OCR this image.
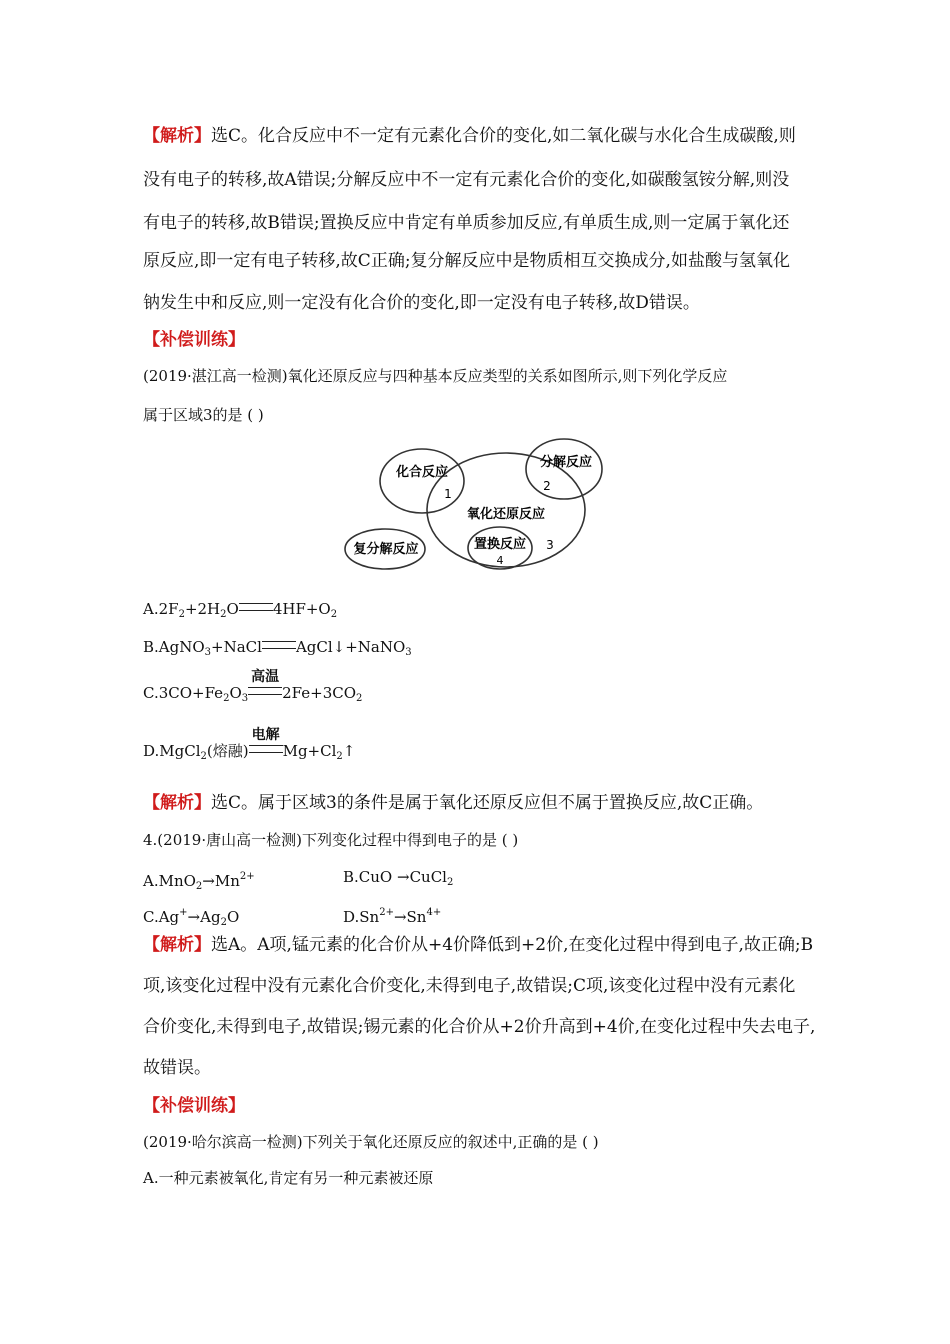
【解析】选C。化合反应中不一定有元素化合价的变化,如二氧化碳与水化合生成碳酸,则
没有电子的转移,故A错误;分解反应中不一定有元素化合价的变化,如碳酸氢铵分解,则没
有电子的转移,故B错误;置换反应中肯定有单质参加反应,有单质生成,则一定属于氧化还
原反应,即一定有电子转移,故C正确;复分解反应中是物质相互交换成分,如盐酸与氢氧化
钠发生中和反应,则一定没有化合价的变化,即一定没有电子转移,故D错误。
【补偿训练】
(2019·湛江高一检测)氧化还原反应与四种基本反应类型的关系如图所示,则下列化学反应
属于区域3的是 ( )
化合反应
1
分解反应
2
氧化还原反应
3
复分解反应	置换反应
4
$A.2F_2+2H_2O$ $4HF+O_2$
B.AgNO$_3$+NaCl AgCl↓+NaNO$_3$
$C.3CO+Fe_2O_3$
高温
$2Fe+3CO_2$
D.MgCl$_2$(熔融)
电解
$Mg+Cl_2↑$
【解析】选C。属于区域3的条件是属于氧化还原反应但不属于置换反应,故C正确。
4.(2019·唐山高一检测)下列变化过程中得到电子的是 ( )
$A.MnO_2\to Mn^{2+}$	B.CuO →CuCl$_2$
$C.Ag^+\to Ag_2O$	$D.Sn^{2+}\to Sn^{4+}$
【解析】选A。A项,锰元素的化合价从+4价降低到+2价,在变化过程中得到电子,故正确;B
项,该变化过程中没有元素化合价变化,未得到电子,故错误;C项,该变化过程中没有元素化
合价变化,未得到电子,故错误;锡元素的化合价从+2价升高到+4价,在变化过程中失去电子,
故错误。
【补偿训练】
(2019·哈尔滨高一检测)下列关于氧化还原反应的叙述中,正确的是 ( )
A.一种元素被氧化,肯定有另一种元素被还原
